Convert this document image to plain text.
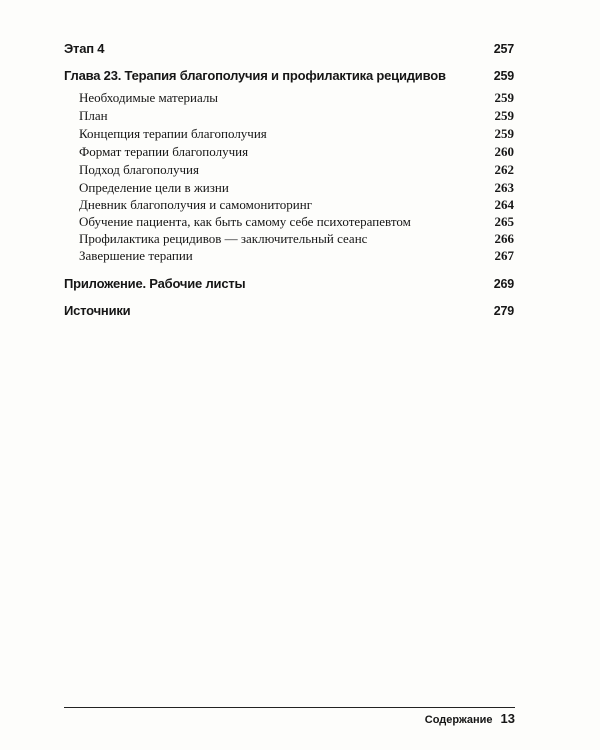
Этап 4	257
Глава 23. Терапия благополучия и профилактика рецидивов	259
Необходимые материалы	259
План	259
Концепция терапии благополучия	259
Формат терапии благополучия	260
Подход благополучия	262
Определение цели в жизни	263
Дневник благополучия и самомониторинг	264
Обучение пациента, как быть самому себе психотерапевтом	265
Профилактика рецидивов — заключительный сеанс	266
Завершение терапии	267
Приложение. Рабочие листы	269
Источники	279
Содержание 13
